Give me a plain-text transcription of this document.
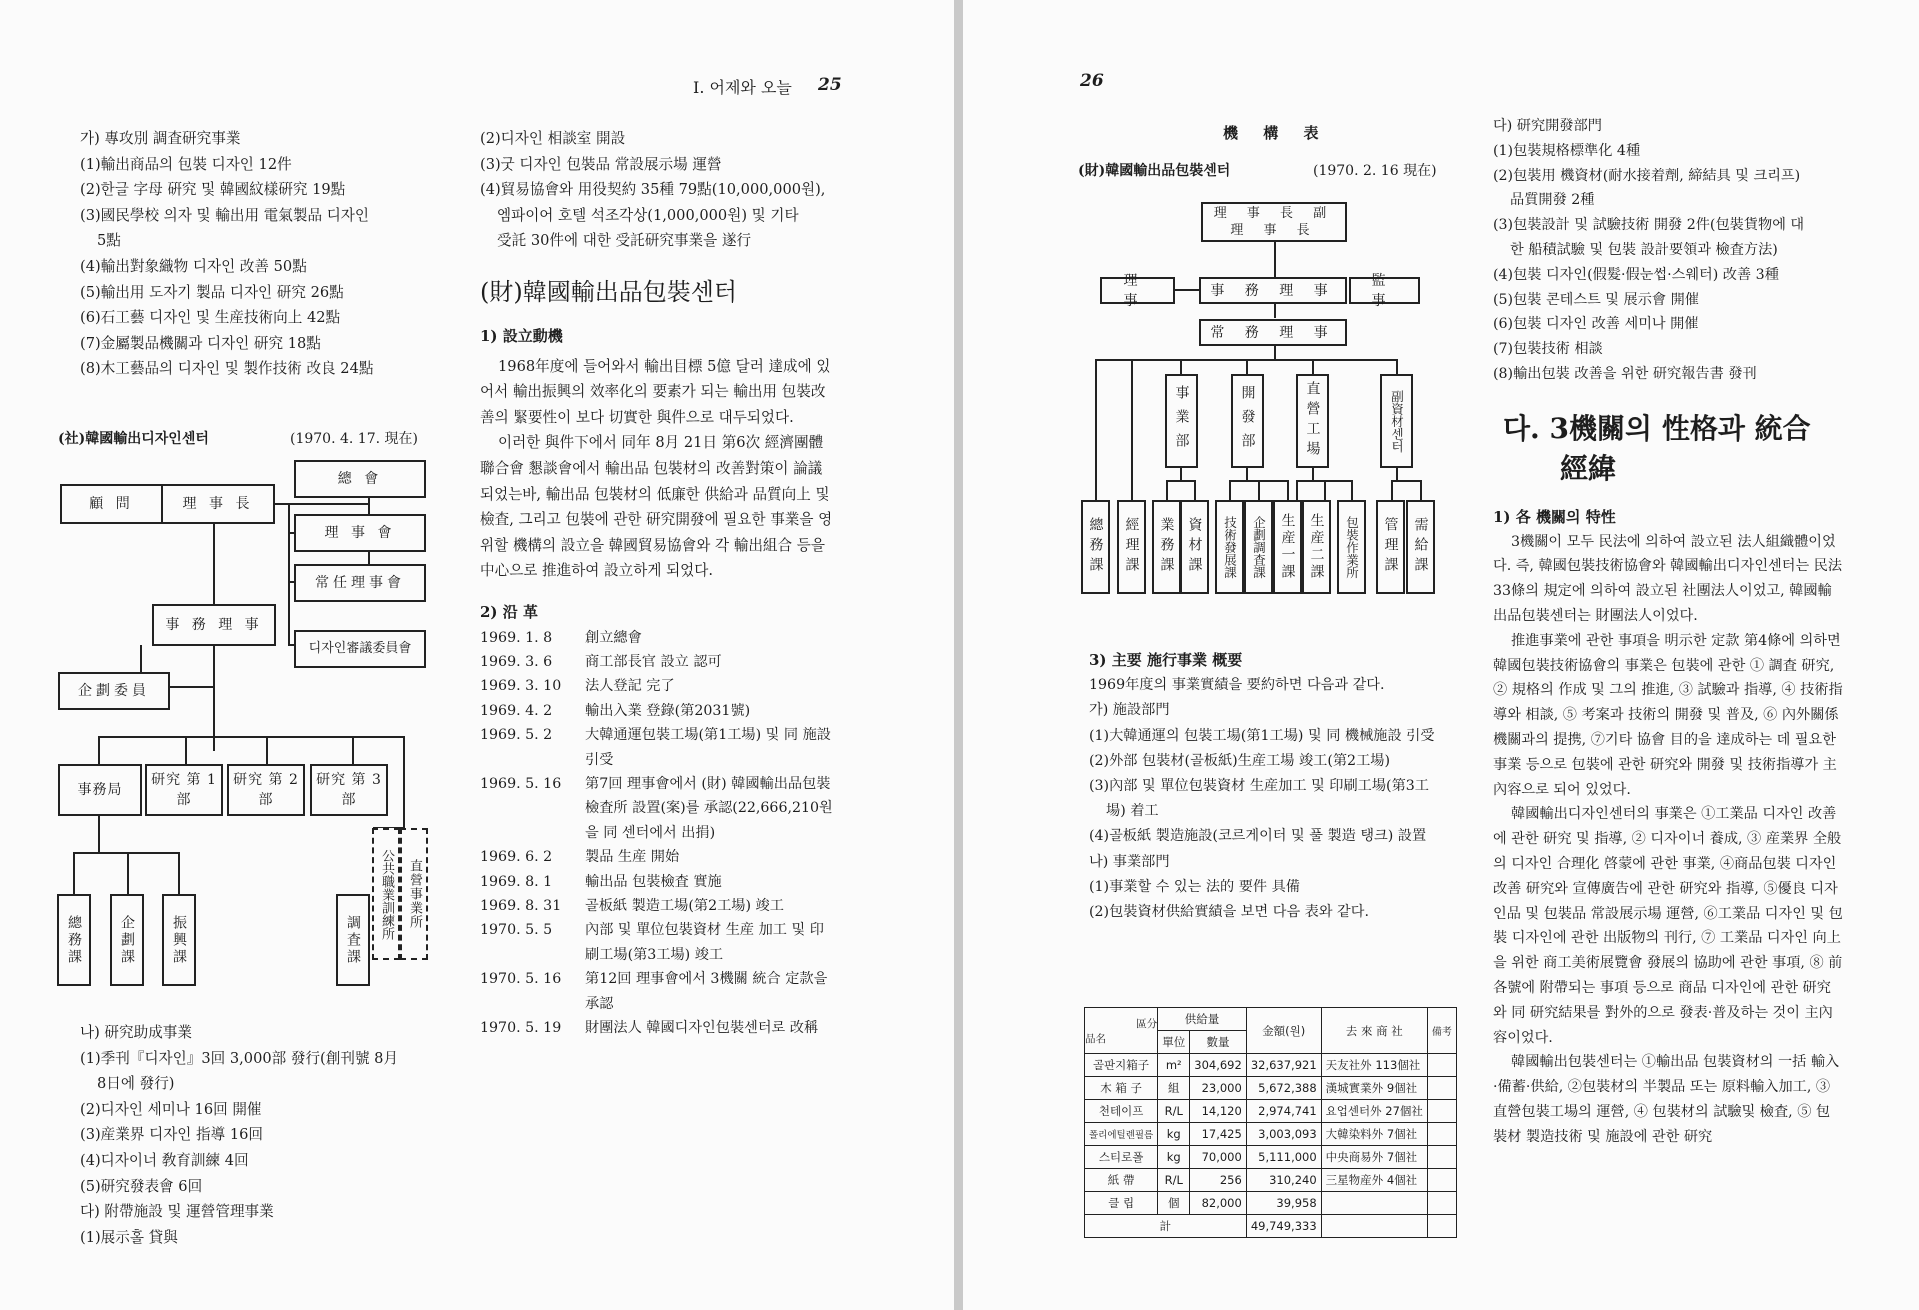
Ⅰ. 어제와 오늘 25

가) 專攻別 調査研究事業

(1)輸出商品의 包裝 디자인 12件

(2)한글 字母 硏究 및 韓國紋樣硏究 19點

(3)國民學校 의자 및 輸出用 電氣製品 디자인

5點

(4)輸出對象織物 디자인 改善 50點

(5)輸出用 도자기 製品 디자인 研究 26點

(6)石工藝 디자인 및 生産技術向上 42點

(7)金屬製品機關과 디자인 研究 18點

(8)木工藝品의 디자인 및 製作技術 改良 24點

(社)韓國輸出디자인센터	(1970. 4. 17. 現在)
顧 問	理 事 長
總 會
理 事 會
常任理事會
事 務 理 事
디자인審議委員會
企劃委員
事務局
研究 第 1 部
研究 第 2 部
研究 第 3 部
總務課	企劃課	振興課	調査課
公共職業訓練所	直營事業所

나) 研究助成事業

(1)季刊『디자인』3回 3,000部 發行(創刊號 8月

8日에 發行)

(2)디자인 세미나 16回 開催

(3)産業界 디자인 指導 16回

(4)디자이너 敎育訓練 4回

(5)研究發表會 6回

다) 附帶施設 및 運營管理事業

(1)展示홀 貸與

(2)디자인 相談室 開設

(3)굿 디자인 包裝品 常設展示場 運營

(4)貿易協會와 用役契約 35種 79點(10,000,000원),

엠파이어 호텔 석조각상(1,000,000원) 및 기타

受託 30件에 대한 受託研究事業을 遂行

(財)韓國輸出品包裝센터

1) 設立動機

1968年度에 들어와서 輸出目標 5億 달러 達成에 있어서 輸出振興의 效率化의 要素가 되는 輸出用 包裝改善의 緊要性이 보다 切實한 與件으로 대두되었다.

이러한 與件下에서 同年 8月 21日 第6次 經濟團體聯合會 懇談會에서 輸出品 包裝材의 改善對策이 論議되었는바, 輸出品 包裝材의 低廉한 供給과 品質向上 및 檢査, 그리고 包裝에 관한 研究開發에 필요한 事業을 영위할 機構의 設立을 韓國貿易協會와 각 輸出組合 등을 中心으로 推進하여 設立하게 되었다.

2) 沿 革

1969. 1. 8	創立總會
1969. 3. 6	商工部長官 設立 認可
1969. 3. 10	法人登記 完了
1969. 4. 2	輸出入業 登錄(第2031號)
1969. 5. 2	大韓通運包裝工場(第1工場) 및 同 施設 引受
1969. 5. 16	第7回 理事會에서 (財) 韓國輸出品包裝檢査所 設置(案)를 承認(22,666,210원을 同 센터에서 出捐)
1969. 6. 2	製品 生産 開始
1969. 8. 1	輸出品 包裝檢査 實施
1969. 8. 31	골板紙 製造工場(第2工場) 竣工
1970. 5. 5	內部 및 單位包裝資材 生産 加工 및 印刷工場(第3工場) 竣工
1970. 5. 16	第12回 理事會에서 3機關 統合 定款을 承認
1970. 5. 19	財團法人 韓國디자인包裝센터로 改稱
26
機 構 表
(財)韓國輸出品包裝센터	(1970. 2. 16 現在)
理 事 長 副 理 事 長
理 事
事 務 理 事
監 事
常 務 理 事
事業部	開發部	直營工場	副資材센터
總務課	經理課	業務課 資材課	技術發展課	企劃調査課 生産一課 生産二課	包裝作業所	管理課	需給課

3) 主要 施行事業 概要

1969年度의 事業實績을 要約하면 다음과 같다.

가) 施設部門

(1)大韓通運의 包裝工場(第1工場) 및 同 機械施設 引受

(2)外部 包裝材(골板紙)生産工場 竣工(第2工場)

(3)內部 및 單位包裝資材 生産加工 및 印刷工場(第3工場) 着工

(4)골板紙 製造施設(코르게이터 및 풀 製造 탱크) 設置

나) 事業部門

(1)事業할 수 있는 法的 要件 具備

(2)包裝資材供給實績을 보면 다음 表와 같다.

區分
品名	供給量		金額(원)	去 來 商 社	備考
	單位	數量			
골판지箱子	m²	304,692	32,637,921	天友社外 113個社	
木 箱 子	組	23,000	5,672,388	漢城實業外 9個社	
천테이프	R/L	14,120	2,974,741	요업센터外 27個社	
폴리에틸렌필름	kg	17,425	3,003,093	大韓染料外 7個社	
스티로폴	kg	70,000	5,111,000	中央商易外 7個社	
紙 帶	R/L	256	310,240	三星物産外 4個社	
클 립	個	82,000	39,958		
計			49,749,333		

다) 研究開發部門

(1)包裝規格標準化 4種

(2)包裝用 機資材(耐水接着劑, 締結具 및 크리프)

品質開發 2種

(3)包裝設計 및 試驗技術 開發 2件(包裝貨物에 대

한 船積試驗 및 包裝 設計要領과 檢査方法)

(4)包裝 디자인(假髮·假눈썹·스웨터) 改善 3種

(5)包裝 콘테스트 및 展示會 開催

(6)包裝 디자인 改善 세미나 開催

(7)包裝技術 相談

(8)輸出包裝 改善을 위한 研究報告書 發刊

다. 3機關의 性格과 統合

經緯

1) 各 機關의 特性

3機關이 모두 民法에 의하여 設立된 法人組織體이었다. 즉, 韓國包裝技術協會와 韓國輸出디자인센터는 民法 33條의 規定에 의하여 設立된 社團法人이었고, 韓國輸出品包裝센터는 財團法人이었다.

推進事業에 관한 事項을 明示한 定款 第4條에 의하면 韓國包裝技術協會의 事業은 包裝에 관한 ① 調査 研究, ② 規格의 作成 및 그의 推進, ③ 試驗과 指導, ④ 技術指導와 相談, ⑤ 考案과 技術의 開發 및 普及, ⑥ 內外關係機關과의 提携, ⑦기타 協會 目的을 達成하는 데 필요한 事業 등으로 包裝에 관한 研究와 開發 및 技術指導가 主內容으로 되어 있었다.

韓國輸出디자인센터의 事業은 ①工業品 디자인 改善에 관한 研究 및 指導, ② 디자이너 養成, ③ 産業界 全般의 디자인 合理化 啓蒙에 관한 事業, ④商品包裝 디자인 改善 研究와 宣傳廣告에 관한 研究와 指導, ⑤優良 디자인品 및 包裝品 常設展示場 運營, ⑥工業品 디자인 및 包裝 디자인에 관한 出版物의 刊行, ⑦ 工業品 디자인 向上을 위한 商工美術展覽會 發展의 協助에 관한 事項, ⑧ 前 各號에 附帶되는 事項 등으로 商品 디자인에 관한 研究와 同 研究結果를 對外的으로 發表·普及하는 것이 主內容이었다.

韓國輸出包裝센터는 ①輸出品 包裝資材의 一括 輸入·備蓄·供給, ②包裝材의 半製品 또는 原料輸入加工, ③直營包裝工場의 運營, ④ 包裝材의 試驗및 檢査, ⑤ 包裝材 製造技術 및 施設에 관한 研究
